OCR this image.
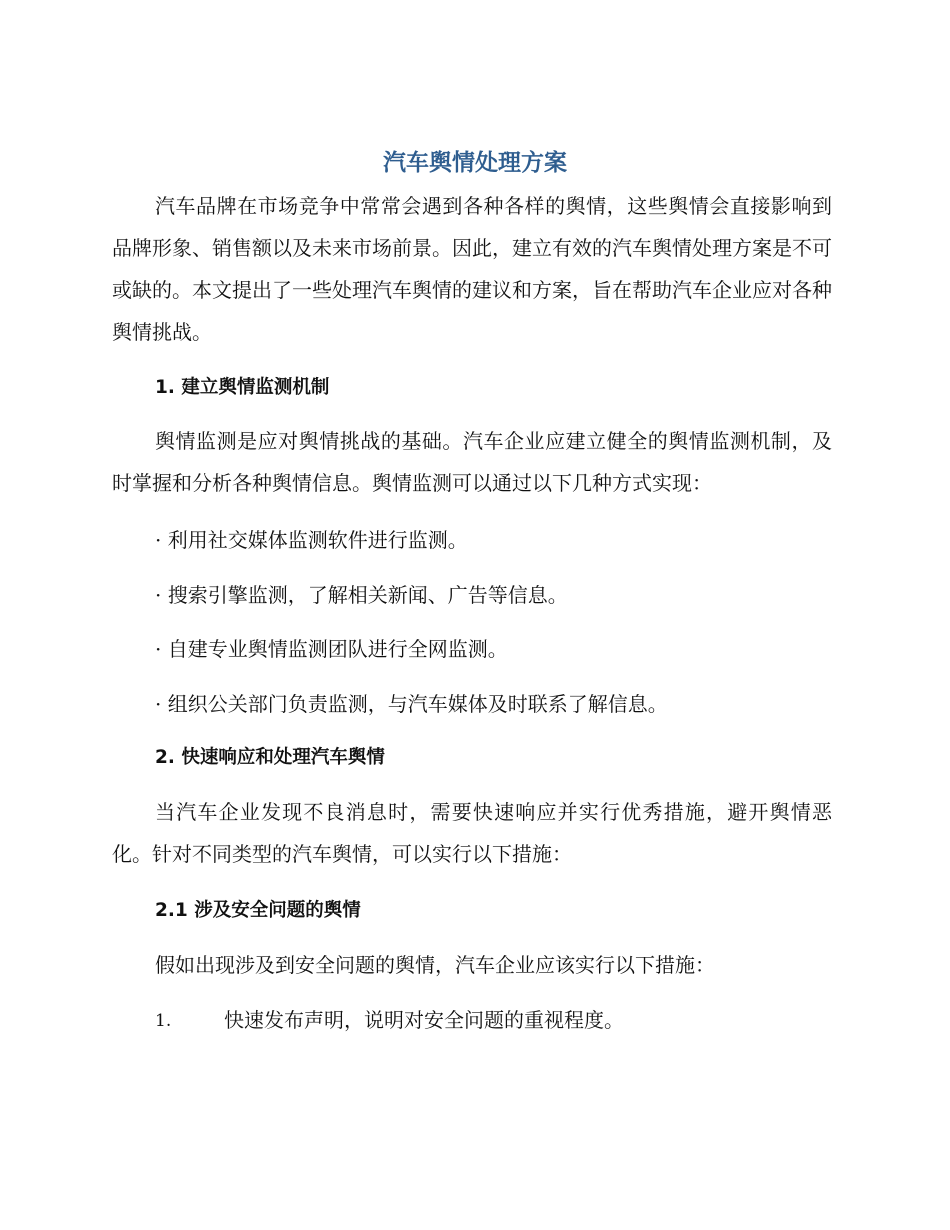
汽车舆情处理方案

汽车品牌在市场竞争中常常会遇到各种各样的舆情，这些舆情会直接影响到品牌形象、销售额以及未来市场前景。因此，建立有效的汽车舆情处理方案是不可或缺的。本文提出了一些处理汽车舆情的建议和方案，旨在帮助汽车企业应对各种舆情挑战。

1. 建立舆情监测机制

舆情监测是应对舆情挑战的基础。汽车企业应建立健全的舆情监测机制，及时掌握和分析各种舆情信息。舆情监测可以通过以下几种方式实现：

· 利用社交媒体监测软件进行监测。

· 搜索引擎监测，了解相关新闻、广告等信息。

· 自建专业舆情监测团队进行全网监测。

· 组织公关部门负责监测，与汽车媒体及时联系了解信息。

2. 快速响应和处理汽车舆情

当汽车企业发现不良消息时，需要快速响应并实行优秀措施，避开舆情恶化。针对不同类型的汽车舆情，可以实行以下措施：

2.1 涉及安全问题的舆情

假如出现涉及到安全问题的舆情，汽车企业应该实行以下措施：

1.	快速发布声明，说明对安全问题的重视程度。
